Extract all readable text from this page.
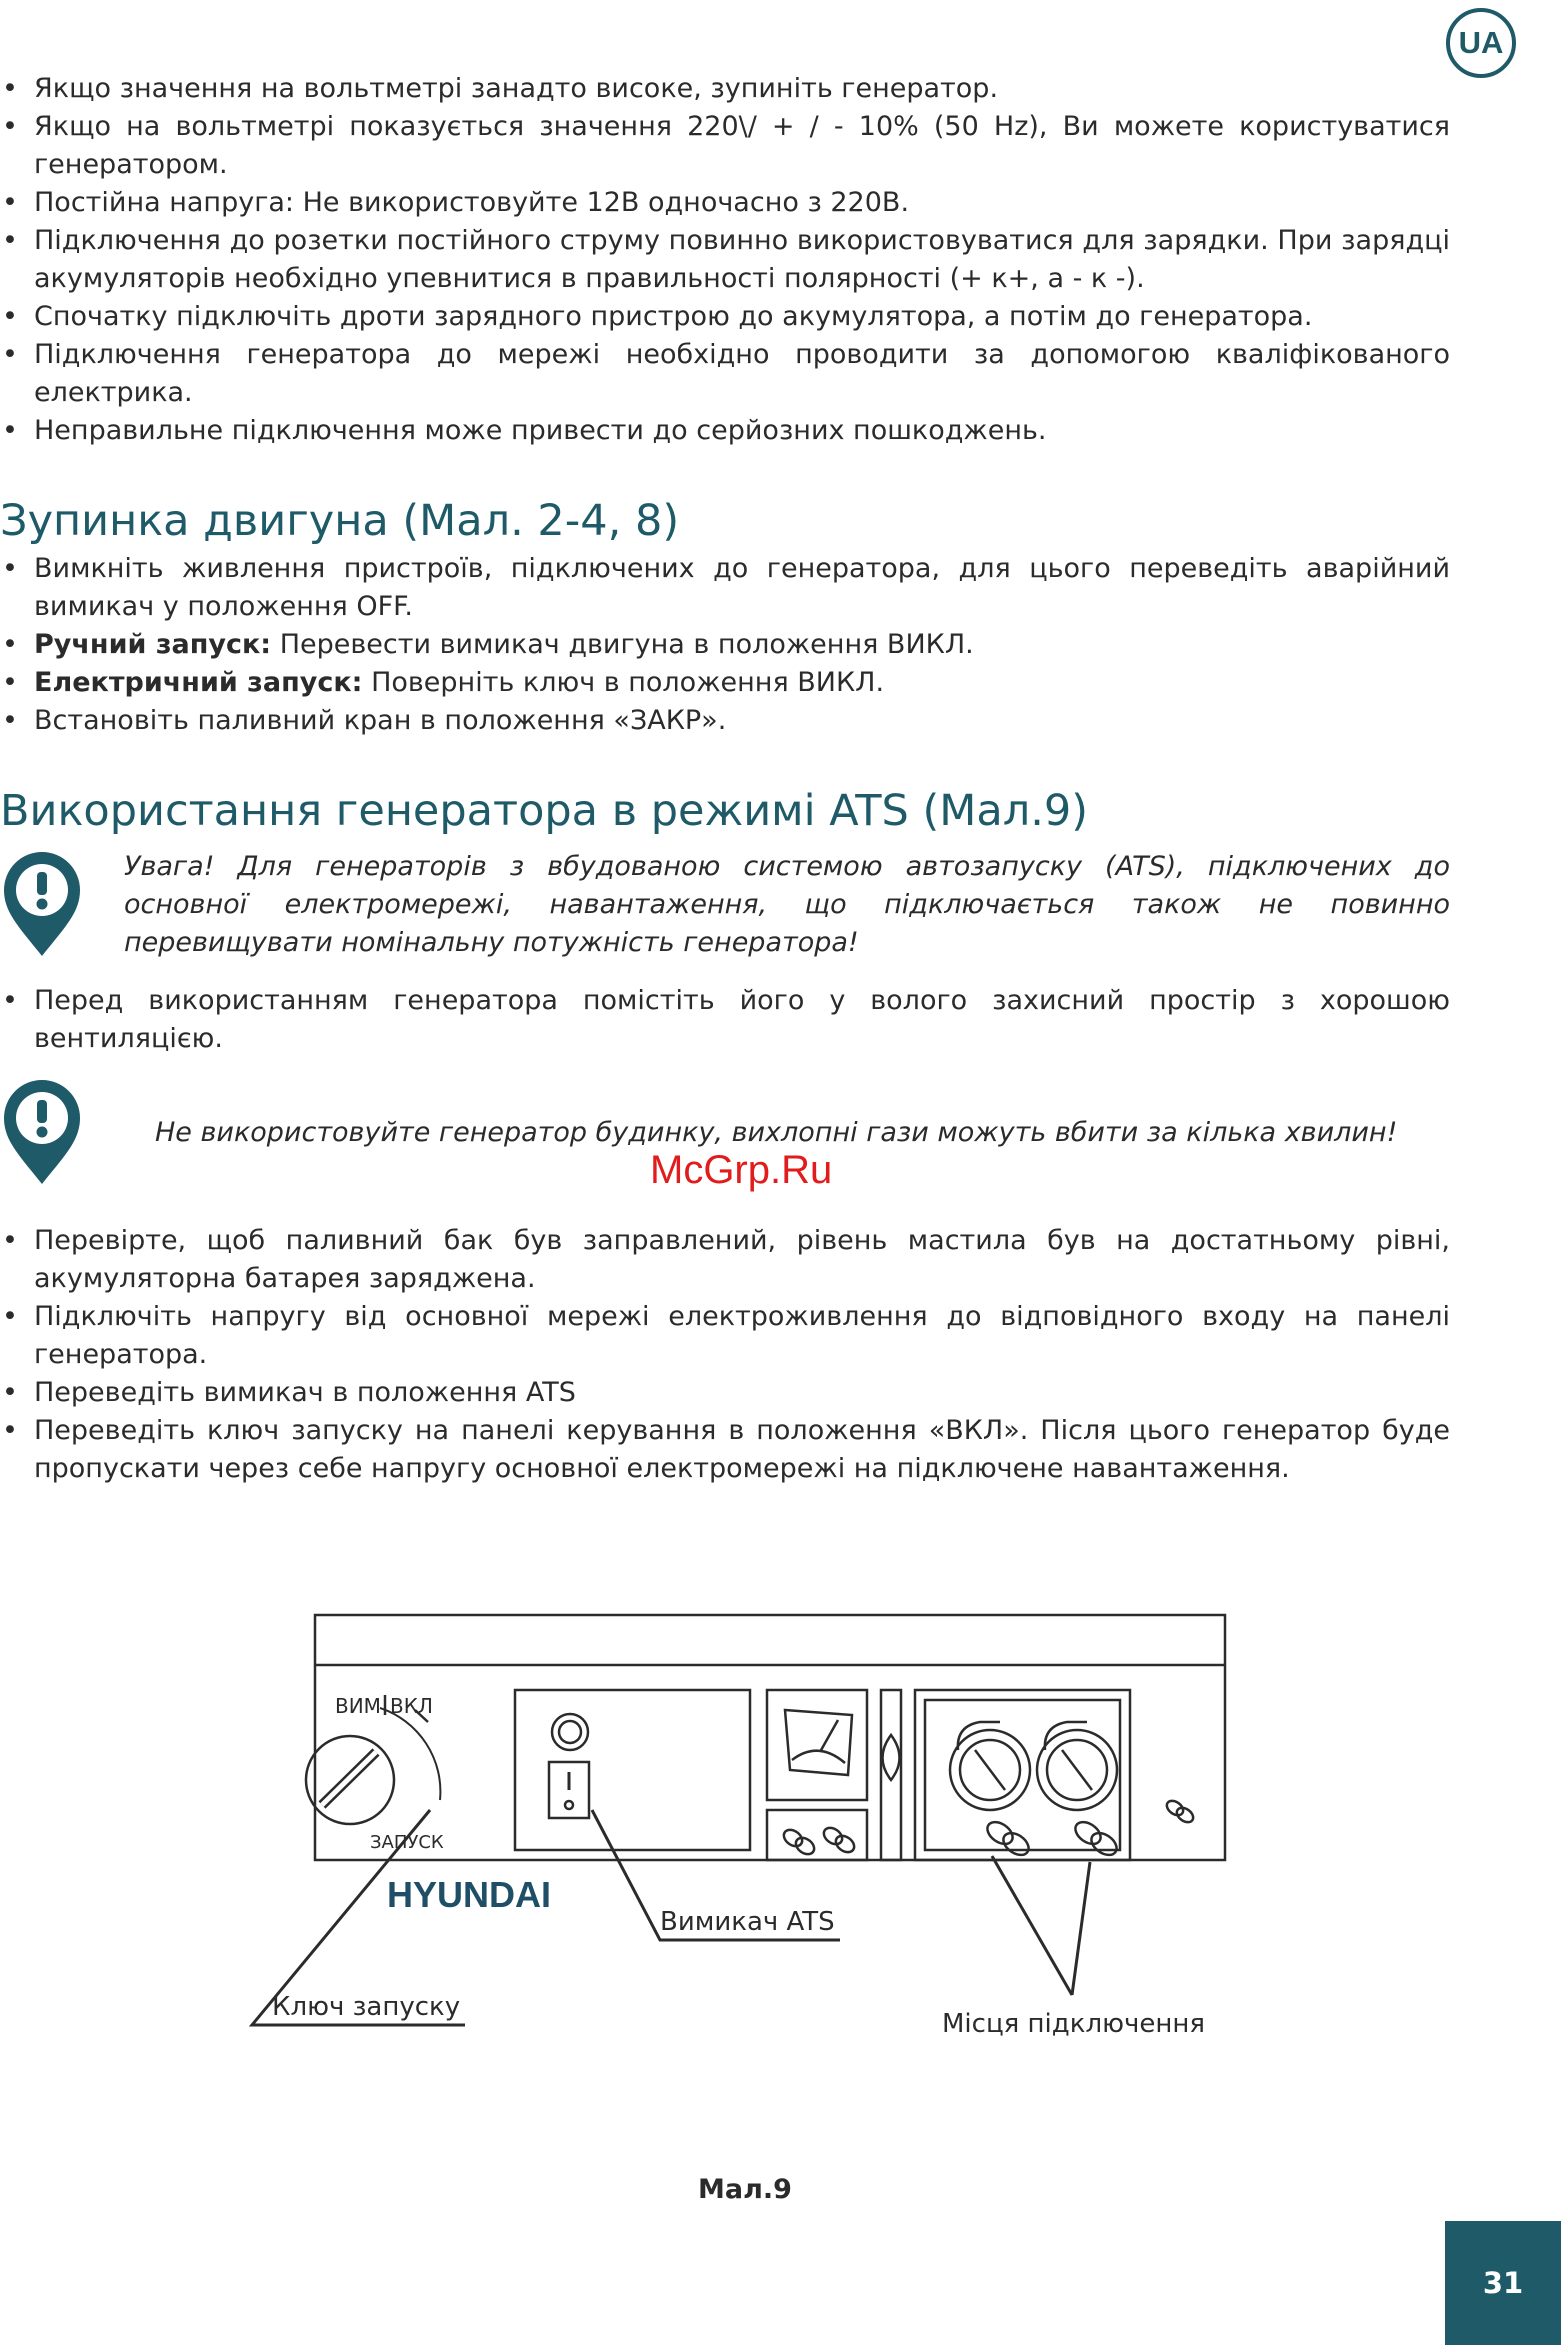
UA
• Якщо значення на вольтметрі занадто високе, зупиніть генератор.
• Якщо на вольтметрі показується значення 220\/ + / - 10% (50 Hz), Ви можете користуватися генератором.
• Постійна напруга: Не використовуйте 12В одночасно з 220В.
• Підключення до розетки постійного струму повинно використовуватися для зарядки. При зарядці акумуляторів необхідно упевнитися в правильності полярності (+ к+, а - к -).
• Спочатку підключіть дроти зарядного пристрою до акумулятора, а потім до генератора.
• Підключення генератора до мережі необхідно проводити за допомогою кваліфікованого електрика.
• Неправильне підключення може привести до серйозних пошкоджень.
Зупинка двигуна (Мал. 2-4, 8)
• Вимкніть живлення пристроїв, підключених до генератора, для цього переведіть аварійний вимикач у положення OFF.
• Ручний запуск: Перевести вимикач двигуна в положення ВИКЛ.
• Електричний запуск: Поверніть ключ в положення ВИКЛ.
• Встановіть паливний кран в положення «ЗАКР».
Використання генератора в режимі ATS (Мал.9)
Увага! Для генераторів з вбудованою системою автозапуску (ATS), підключених до основної електромережі, навантаження, що підключається також не повинно перевищувати номінальну потужність генератора!
• Перед використанням генератора помістіть його у волого захисний простір з хорошою вентиляцією.
Не використовуйте генератор будинку, вихлопні гази можуть вбити за кілька хвилин!
• Перевірте, щоб паливний бак був заправлений, рівень мастила був на достатньому рівні, акумуляторна батарея заряджена.
• Підключіть напругу від основної мережі електроживлення до відповідного входу на панелі генератора.
• Переведіть вимикач в положення ATS
• Переведіть ключ запуску на панелі керування в положення «ВКЛ». Після цього генератор буде пропускати через себе напругу основної електромережі на підключене навантаження.
McGrp.Ru
ВИМ ВКЛ
ЗАПУСК
HYUNDAI
Вимикач ATS
Ключ запуску
Місця підключення
Мал.9
31
